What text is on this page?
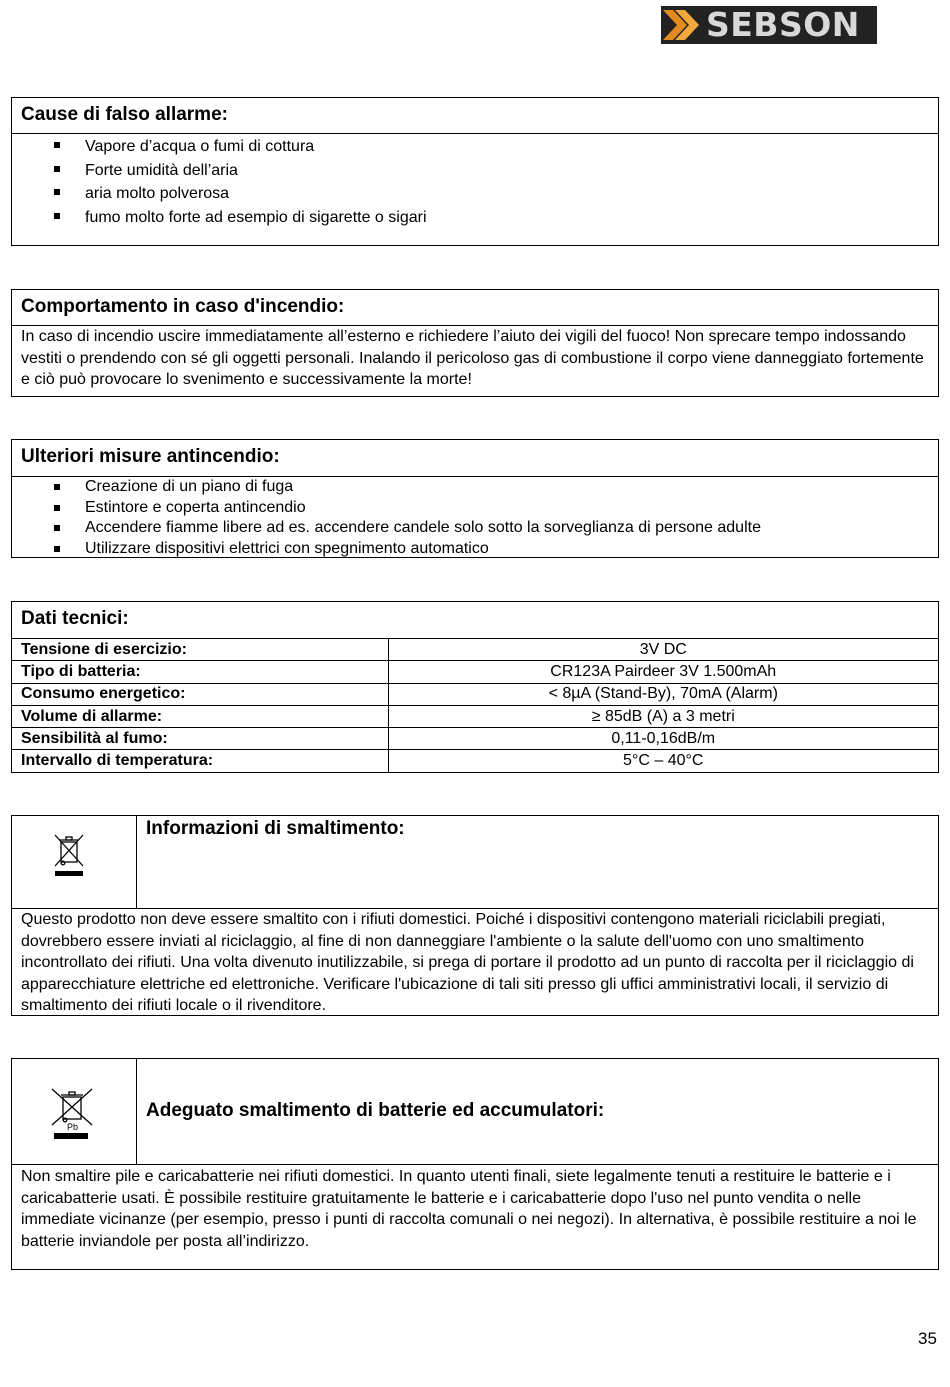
SEBSON
Cause di falso allarme:
Vapore d’acqua o fumi di cottura
Forte umidità dell’aria
aria molto polverosa
fumo molto forte ad esempio di sigarette o sigari
Comportamento in caso d'incendio:
In caso di incendio uscire immediatamente all’esterno e richiedere l’aiuto dei vigili del fuoco! Non sprecare tempo indossando vestiti o prendendo con sé gli oggetti personali. Inalando il pericoloso gas di combustione il corpo viene danneggiato fortemente e ciò può provocare lo svenimento e successivamente la morte!
Ulteriori misure antincendio:
Creazione di un piano di fuga
Estintore e coperta antincendio
Accendere fiamme libere ad es. accendere candele solo sotto la sorveglianza di persone adulte
Utilizzare dispositivi elettrici con spegnimento automatico
Dati tecnici:
Tensione di esercizio:	3V DC
Tipo di batteria:	CR123A Pairdeer 3V 1.500mAh
Consumo energetico:	< 8µA (Stand-By), 70mA (Alarm)
Volume di allarme:	≥ 85dB (A) a 3 metri
Sensibilità al fumo:	0,11-0,16dB/m
Intervallo di temperatura:	5°C – 40°C
Informazioni di smaltimento:
Questo prodotto non deve essere smaltito con i rifiuti domestici. Poiché i dispositivi contengono materiali riciclabili pregiati, dovrebbero essere inviati al riciclaggio, al fine di non danneggiare l'ambiente o la salute dell'uomo con uno smaltimento incontrollato dei rifiuti. Una volta divenuto inutilizzabile, si prega di portare il prodotto ad un punto di raccolta per il riciclaggio di apparecchiature elettriche ed elettroniche. Verificare l'ubicazione di tali siti presso gli uffici amministrativi locali, il servizio di smaltimento dei rifiuti locale o il rivenditore.
Pb
Adeguato smaltimento di batterie ed accumulatori:
Non smaltire pile e caricabatterie nei rifiuti domestici. In quanto utenti finali, siete legalmente tenuti a restituire le batterie e i caricabatterie usati. È possibile restituire gratuitamente le batterie e i caricabatterie dopo l'uso nel punto vendita o nelle immediate vicinanze (per esempio, presso i punti di raccolta comunali o nei negozi). In alternativa, è possibile restituire a noi le batterie inviandole per posta all’indirizzo.
35
